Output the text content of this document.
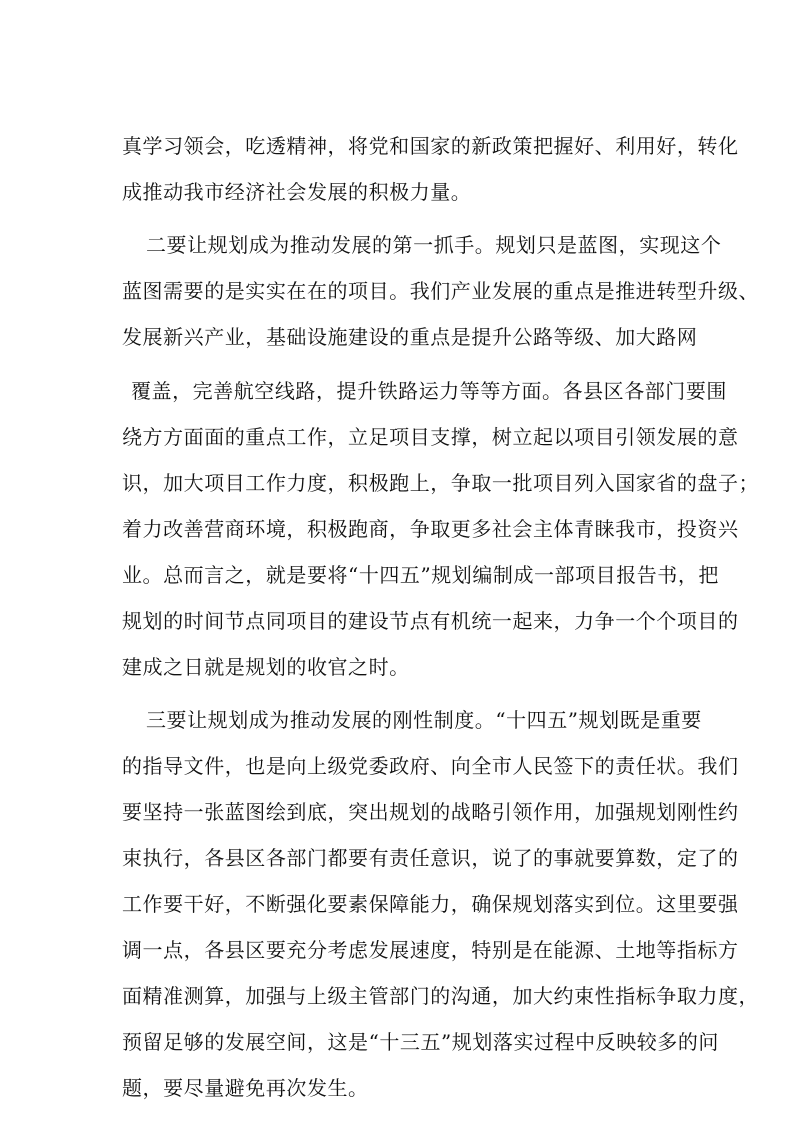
真学习领会，吃透精神，将党和国家的新政策把握好、利用好，转化
成推动我市经济社会发展的积极力量。
二要让规划成为推动发展的第一抓手。规划只是蓝图，实现这个
蓝图需要的是实实在在的项目。我们产业发展的重点是推进转型升级、
发展新兴产业，基础设施建设的重点是提升公路等级、加大路网
覆盖，完善航空线路，提升铁路运力等等方面。各县区各部门要围
绕方方面面的重点工作，立足项目支撑，树立起以项目引领发展的意
识，加大项目工作力度，积极跑上，争取一批项目列入国家省的盘子；
着力改善营商环境，积极跑商，争取更多社会主体青睐我市，投资兴
业。总而言之，就是要将“十四五”规划编制成一部项目报告书，把
规划的时间节点同项目的建设节点有机统一起来，力争一个个项目的
建成之日就是规划的收官之时。
三要让规划成为推动发展的刚性制度。“十四五”规划既是重要
的指导文件，也是向上级党委政府、向全市人民签下的责任状。我们
要坚持一张蓝图绘到底，突出规划的战略引领作用，加强规划刚性约
束执行，各县区各部门都要有责任意识，说了的事就要算数，定了的
工作要干好，不断强化要素保障能力，确保规划落实到位。这里要强
调一点，各县区要充分考虑发展速度，特别是在能源、土地等指标方
面精准测算，加强与上级主管部门的沟通，加大约束性指标争取力度，
预留足够的发展空间，这是“十三五”规划落实过程中反映较多的问
题，要尽量避免再次发生。
